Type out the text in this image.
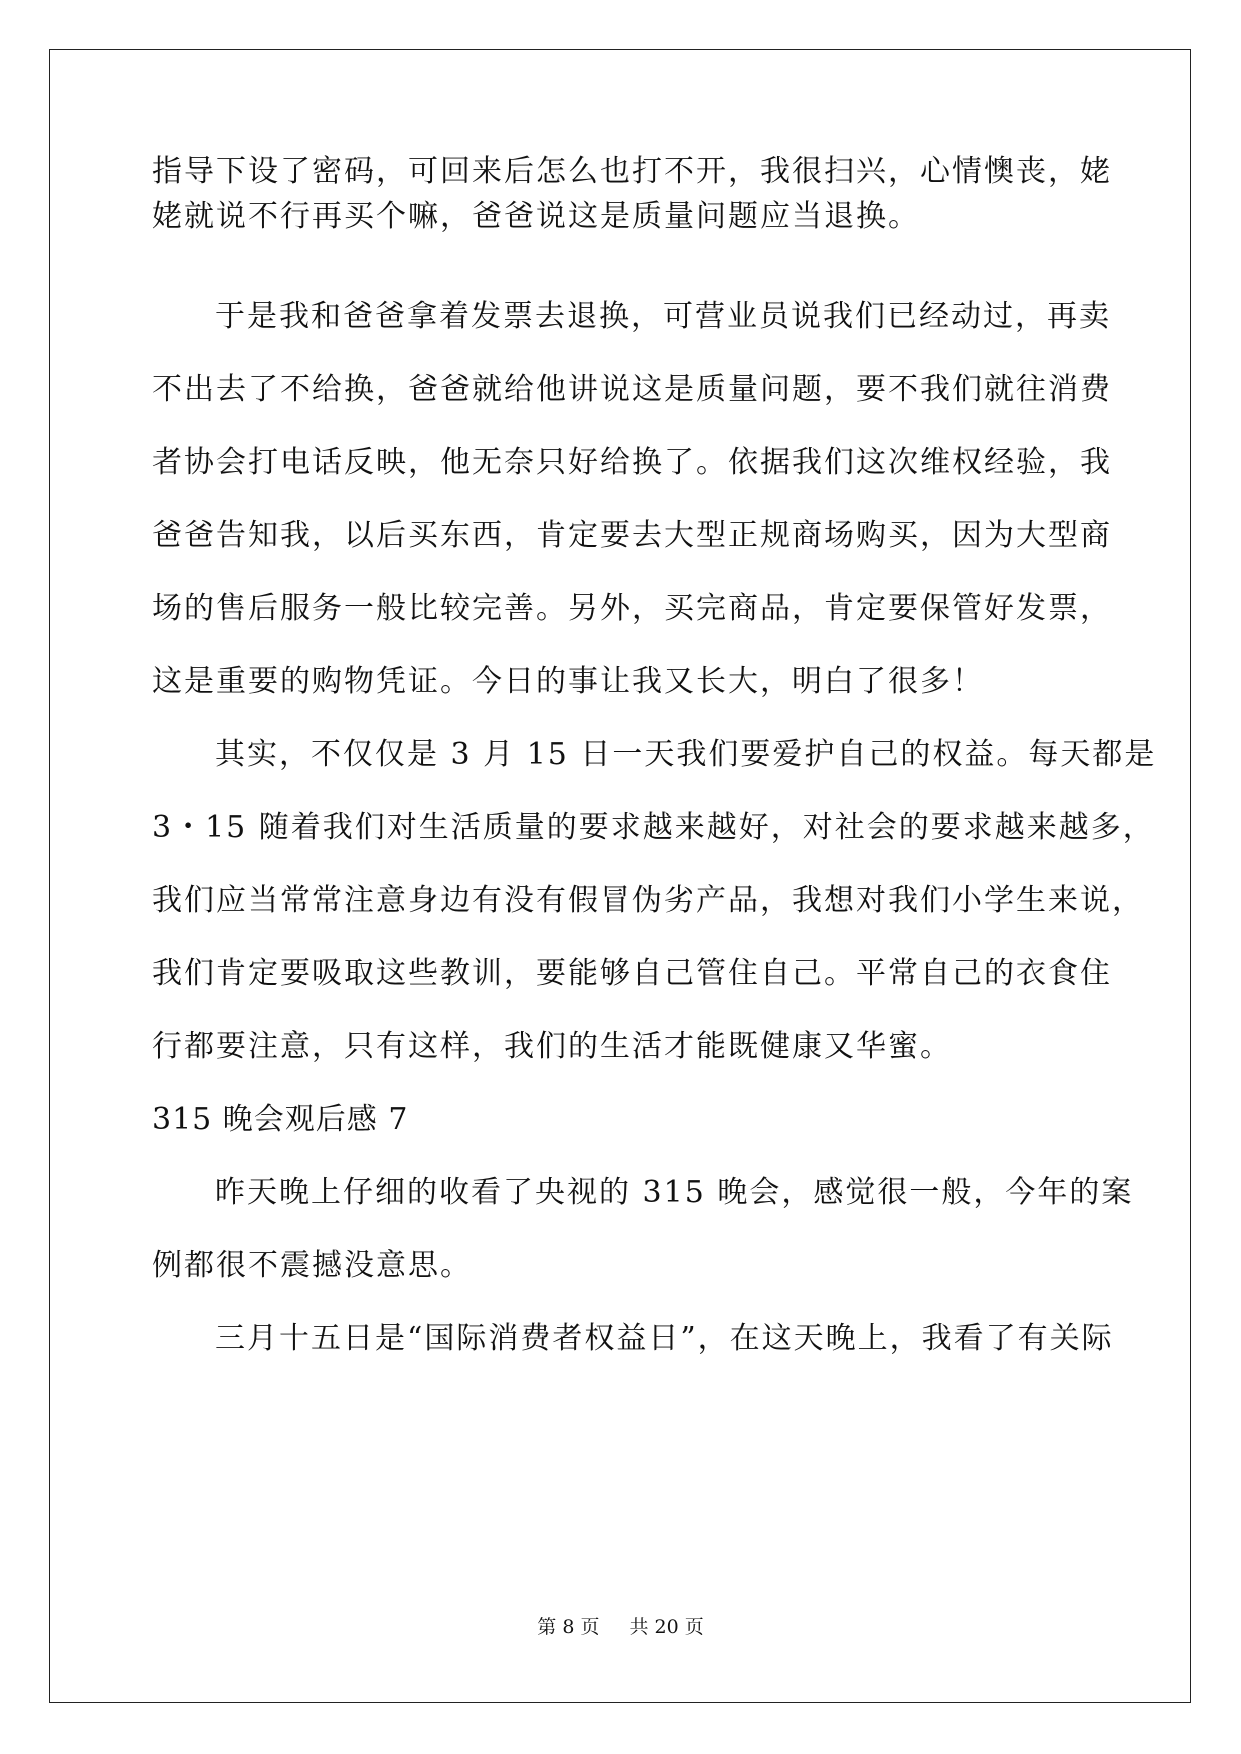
指导下设了密码，可回来后怎么也打不开，我很扫兴，心情懊丧，姥
姥就说不行再买个嘛，爸爸说这是质量问题应当退换。
于是我和爸爸拿着发票去退换，可营业员说我们已经动过，再卖
不出去了不给换，爸爸就给他讲说这是质量问题，要不我们就往消费
者协会打电话反映，他无奈只好给换了。依据我们这次维权经验，我
爸爸告知我，以后买东西，肯定要去大型正规商场购买，因为大型商
场的售后服务一般比较完善。另外，买完商品，肯定要保管好发票，
这是重要的购物凭证。今日的事让我又长大，明白了很多！
其实，不仅仅是 3 月 15 日一天我们要爱护自己的权益。每天都是
3・15 随着我们对生活质量的要求越来越好，对社会的要求越来越多，
我们应当常常注意身边有没有假冒伪劣产品，我想对我们小学生来说，
我们肯定要吸取这些教训，要能够自己管住自己。平常自己的衣食住
行都要注意，只有这样，我们的生活才能既健康又华蜜。
315 晚会观后感 7
昨天晚上仔细的收看了央视的 315 晚会，感觉很一般，今年的案
例都很不震撼没意思。
三月十五日是“国际消费者权益日”，在这天晚上，我看了有关际
第 8 页 共 20 页
